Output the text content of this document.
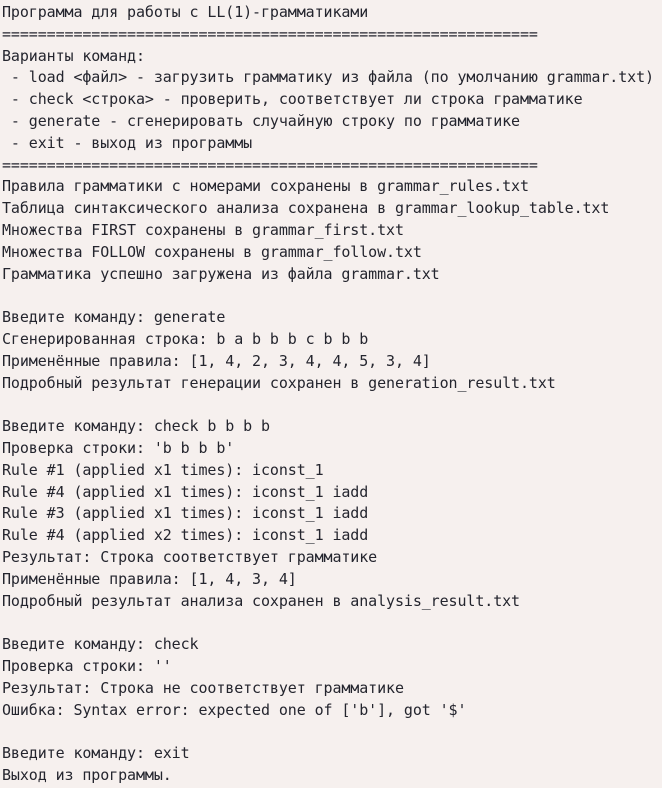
Программа для работы с LL(1)-грамматиками
============================================================
Варианты команд:
- load <файл> - загрузить грамматику из файла (по умолчанию grammar.txt)
- check <строка> - проверить, соответствует ли строка грамматике
- generate - сгенерировать случайную строку по грамматике
- exit - выход из программы
============================================================
Правила грамматики с номерами сохранены в grammar_rules.txt
Таблица синтаксического анализа сохранена в grammar_lookup_table.txt
Множества FIRST сохранены в grammar_first.txt
Множества FOLLOW сохранены в grammar_follow.txt
Грамматика успешно загружена из файла grammar.txt

Введите команду: generate
Сгенерированная строка: b a b b b c b b b
Применённые правила: [1, 4, 2, 3, 4, 4, 5, 3, 4]
Подробный результат генерации сохранен в generation_result.txt

Введите команду: check b b b b
Проверка строки: 'b b b b'
Rule #1 (applied x1 times): iconst_1
Rule #4 (applied x1 times): iconst_1 iadd
Rule #3 (applied x1 times): iconst_1 iadd
Rule #4 (applied x2 times): iconst_1 iadd
Результат: Строка соответствует грамматике
Применённые правила: [1, 4, 3, 4]
Подробный результат анализа сохранен в analysis_result.txt

Введите команду: check
Проверка строки: ''
Результат: Строка не соответствует грамматике
Ошибка: Syntax error: expected one of ['b'], got '$'

Введите команду: exit
Выход из программы.
